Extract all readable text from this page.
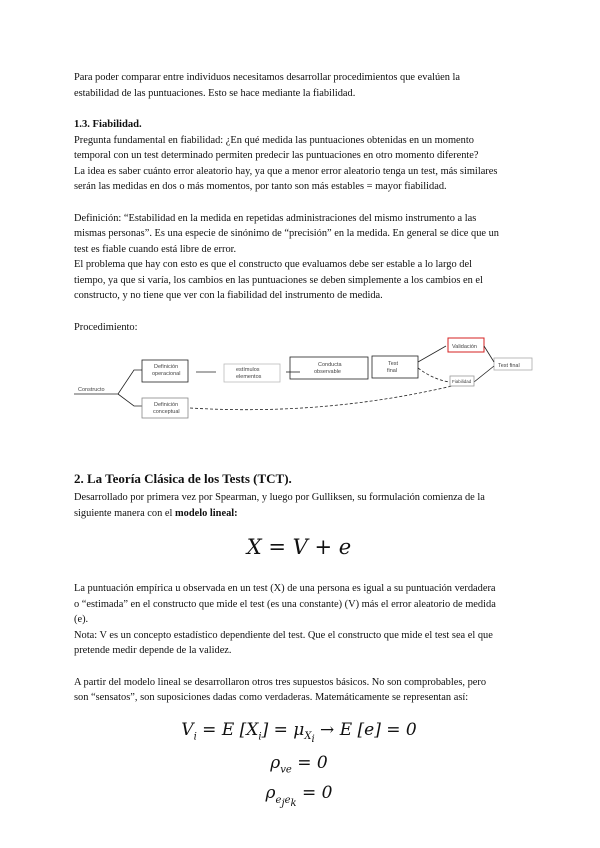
Para poder comparar entre individuos necesitamos desarrollar procedimientos que evalúen la

estabilidad de las puntuaciones. Esto se hace mediante la fiabilidad.

1.3. Fiabilidad.

Pregunta fundamental en fiabilidad: ¿En qué medida las puntuaciones obtenidas en un momento

temporal con un test determinado permiten predecir las puntuaciones en otro momento diferente?

La idea es saber cuánto error aleatorio hay, ya que a menor error aleatorio tenga un test, más similares

serán las medidas en dos o más momentos, por tanto son más estables = mayor fiabilidad.

Definición: “Estabilidad en la medida en repetidas administraciones del mismo instrumento a las

mismas personas”. Es una especie de sinónimo de “precisión” en la medida. En general se dice que un

test es fiable cuando está libre de error.

El problema que hay con esto es que el constructo que evaluamos debe ser estable a lo largo del

tiempo, ya que si varía, los cambios en las puntuaciones se deben simplemente a los cambios en el

constructo, y no tiene que ver con la fiabilidad del instrumento de medida.

Procedimiento:

Constructo
Definición
operacional
Definición
conceptual
estímulos
elementos
Conducta
observable
Test
final
Validación
Test final
Fiabilidad

2. La Teoría Clásica de los Tests (TCT).

Desarrollado por primera vez por Spearman, y luego por Gulliksen, su formulación comienza de la

siguiente manera con el modelo lineal:

X = V + e

La puntuación empírica u observada en un test (X) de una persona es igual a su puntuación verdadera

o “estimada” en el constructo que mide el test (es una constante) (V) más el error aleatorio de medida

(e).

Nota: V es un concepto estadístico dependiente del test. Que el constructo que mide el test sea el que

pretende medir depende de la validez.

A partir del modelo lineal se desarrollaron otros tres supuestos básicos. No son comprobables, pero

son “sensatos”, son suposiciones dadas como verdaderas. Matemáticamente se representan así:

$V_i = E$ $[X_i] = \mu_{X_i} \to E$ [e] = 0
$\rho_{ve} = 0$
$\rho_{e_je_k} = 0$
